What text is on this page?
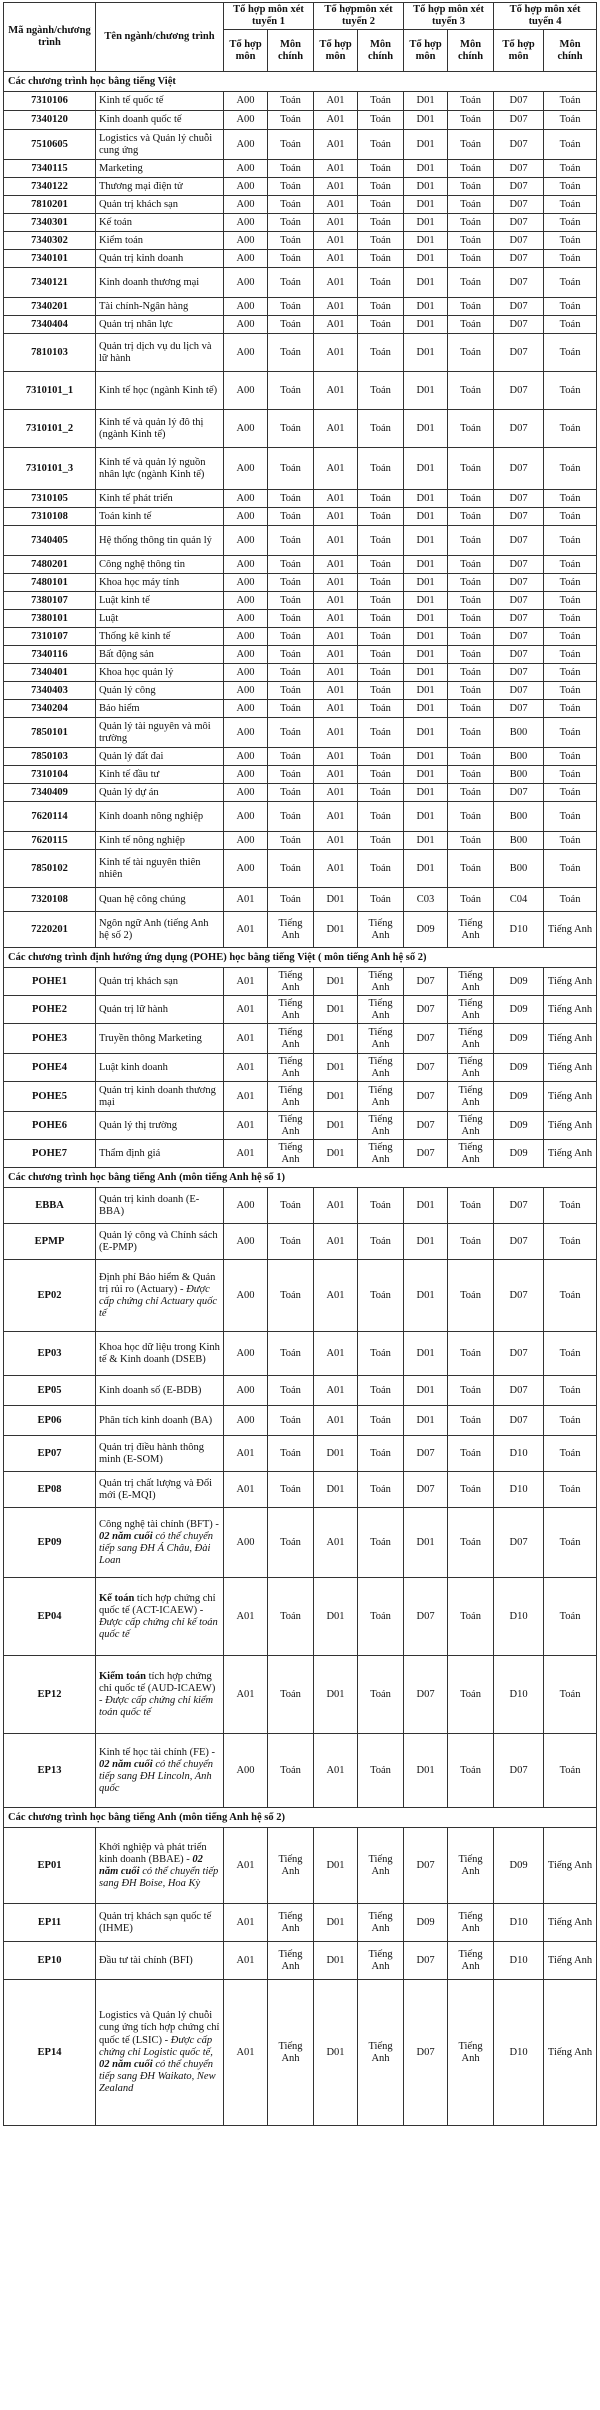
Mã ngành/chương trình	Tên ngành/chương trình	Tổ hợp môn xét tuyển 1		Tổ hợpmôn xét tuyển 2		Tổ hợp môn xét tuyển 3		Tổ hợp môn xét tuyển 4	
		Tổ hợp môn	Môn chính	Tổ hợp môn	Môn chính	Tổ hợp môn	Môn chính	Tổ hợp môn	Môn chính
Các chương trình học bằng tiếng Việt									
7310106	Kinh tế quốc tế	A00	Toán	A01	Toán	D01	Toán	D07	Toán
7340120	Kinh doanh quốc tế	A00	Toán	A01	Toán	D01	Toán	D07	Toán
7510605	Logistics và Quản lý chuỗi cung ứng	A00	Toán	A01	Toán	D01	Toán	D07	Toán
7340115	Marketing	A00	Toán	A01	Toán	D01	Toán	D07	Toán
7340122	Thương mại điện tử	A00	Toán	A01	Toán	D01	Toán	D07	Toán
7810201	Quản trị khách sạn	A00	Toán	A01	Toán	D01	Toán	D07	Toán
7340301	Kế toán	A00	Toán	A01	Toán	D01	Toán	D07	Toán
7340302	Kiểm toán	A00	Toán	A01	Toán	D01	Toán	D07	Toán
7340101	Quản trị kinh doanh	A00	Toán	A01	Toán	D01	Toán	D07	Toán
7340121	Kinh doanh thương mại	A00	Toán	A01	Toán	D01	Toán	D07	Toán
7340201	Tài chính-Ngân hàng	A00	Toán	A01	Toán	D01	Toán	D07	Toán
7340404	Quản trị nhân lực	A00	Toán	A01	Toán	D01	Toán	D07	Toán
7810103	Quản trị dịch vụ du lịch và lữ hành	A00	Toán	A01	Toán	D01	Toán	D07	Toán
7310101_1	Kinh tế học (ngành Kinh tế)	A00	Toán	A01	Toán	D01	Toán	D07	Toán
7310101_2	Kinh tế và quản lý đô thị (ngành Kinh tế)	A00	Toán	A01	Toán	D01	Toán	D07	Toán
7310101_3	Kinh tế và quản lý nguồn nhân lực (ngành Kinh tế)	A00	Toán	A01	Toán	D01	Toán	D07	Toán
7310105	Kinh tế phát triển	A00	Toán	A01	Toán	D01	Toán	D07	Toán
7310108	Toán kinh tế	A00	Toán	A01	Toán	D01	Toán	D07	Toán
7340405	Hệ thống thông tin quản lý	A00	Toán	A01	Toán	D01	Toán	D07	Toán
7480201	Công nghệ thông tin	A00	Toán	A01	Toán	D01	Toán	D07	Toán
7480101	Khoa học máy tính	A00	Toán	A01	Toán	D01	Toán	D07	Toán
7380107	Luật kinh tế	A00	Toán	A01	Toán	D01	Toán	D07	Toán
7380101	Luật	A00	Toán	A01	Toán	D01	Toán	D07	Toán
7310107	Thống kê kinh tế	A00	Toán	A01	Toán	D01	Toán	D07	Toán
7340116	Bất động sản	A00	Toán	A01	Toán	D01	Toán	D07	Toán
7340401	Khoa học quản lý	A00	Toán	A01	Toán	D01	Toán	D07	Toán
7340403	Quản lý công	A00	Toán	A01	Toán	D01	Toán	D07	Toán
7340204	Bảo hiểm	A00	Toán	A01	Toán	D01	Toán	D07	Toán
7850101	Quản lý tài nguyên và môi trường	A00	Toán	A01	Toán	D01	Toán	B00	Toán
7850103	Quản lý đất đai	A00	Toán	A01	Toán	D01	Toán	B00	Toán
7310104	Kinh tế đầu tư	A00	Toán	A01	Toán	D01	Toán	B00	Toán
7340409	Quản lý dự án	A00	Toán	A01	Toán	D01	Toán	D07	Toán
7620114	Kinh doanh nông nghiệp	A00	Toán	A01	Toán	D01	Toán	B00	Toán
7620115	Kinh tế nông nghiệp	A00	Toán	A01	Toán	D01	Toán	B00	Toán
7850102	Kinh tế tài nguyên thiên nhiên	A00	Toán	A01	Toán	D01	Toán	B00	Toán
7320108	Quan hệ công chúng	A01	Toán	D01	Toán	C03	Toán	C04	Toán
7220201	Ngôn ngữ Anh (tiếng Anh hệ số 2)	A01	Tiếng Anh	D01	Tiếng Anh	D09	Tiếng Anh	D10	Tiếng Anh
Các chương trình định hướng ứng dụng (POHE) học bằng tiếng Việt ( môn tiếng Anh hệ số 2)									
POHE1	Quản trị khách sạn	A01	Tiếng Anh	D01	Tiếng Anh	D07	Tiếng Anh	D09	Tiếng Anh
POHE2	Quản trị lữ hành	A01	Tiếng Anh	D01	Tiếng Anh	D07	Tiếng Anh	D09	Tiếng Anh
POHE3	Truyền thông Marketing	A01	Tiếng Anh	D01	Tiếng Anh	D07	Tiếng Anh	D09	Tiếng Anh
POHE4	Luật kinh doanh	A01	Tiếng Anh	D01	Tiếng Anh	D07	Tiếng Anh	D09	Tiếng Anh
POHE5	Quản trị kinh doanh thương mại	A01	Tiếng Anh	D01	Tiếng Anh	D07	Tiếng Anh	D09	Tiếng Anh
POHE6	Quản lý thị trường	A01	Tiếng Anh	D01	Tiếng Anh	D07	Tiếng Anh	D09	Tiếng Anh
POHE7	Thẩm định giá	A01	Tiếng Anh	D01	Tiếng Anh	D07	Tiếng Anh	D09	Tiếng Anh
Các chương trình học bằng tiếng Anh (môn tiếng Anh hệ số 1)									
EBBA	Quản trị kinh doanh (E-BBA)	A00	Toán	A01	Toán	D01	Toán	D07	Toán
EPMP	Quản lý công và Chính sách (E-PMP)	A00	Toán	A01	Toán	D01	Toán	D07	Toán
EP02	Định phí Bảo hiểm & Quản trị rủi ro (Actuary) - Được cấp chứng chỉ Actuary quốc tế	A00	Toán	A01	Toán	D01	Toán	D07	Toán
EP03	Khoa học dữ liệu trong Kinh tế & Kinh doanh (DSEB)	A00	Toán	A01	Toán	D01	Toán	D07	Toán
EP05	Kinh doanh số (E-BDB)	A00	Toán	A01	Toán	D01	Toán	D07	Toán
EP06	Phân tích kinh doanh (BA)	A00	Toán	A01	Toán	D01	Toán	D07	Toán
EP07	Quản trị điều hành thông minh (E-SOM)	A01	Toán	D01	Toán	D07	Toán	D10	Toán
EP08	Quản trị chất lượng và Đổi mới (E-MQI)	A01	Toán	D01	Toán	D07	Toán	D10	Toán
EP09	Công nghệ tài chính (BFT) - 02 năm cuối có thể chuyển tiếp sang ĐH Á Châu, Đài Loan	A00	Toán	A01	Toán	D01	Toán	D07	Toán
EP04	Kế toán tích hợp chứng chỉ quốc tế (ACT-ICAEW) - Được cấp chứng chỉ kế toán quốc tế	A01	Toán	D01	Toán	D07	Toán	D10	Toán
EP12	Kiểm toán tích hợp chứng chỉ quốc tế (AUD-ICAEW) - Được cấp chứng chỉ kiểm toán quốc tế	A01	Toán	D01	Toán	D07	Toán	D10	Toán
EP13	Kinh tế học tài chính (FE) - 02 năm cuối có thể chuyển tiếp sang ĐH Lincoln, Anh quốc	A00	Toán	A01	Toán	D01	Toán	D07	Toán
Các chương trình học bằng tiếng Anh (môn tiếng Anh hệ số 2)									
EP01	Khởi nghiệp và phát triển kinh doanh (BBAE) - 02 năm cuối có thể chuyển tiếp sang ĐH Boise, Hoa Kỳ	A01	Tiếng Anh	D01	Tiếng Anh	D07	Tiếng Anh	D09	Tiếng Anh
EP11	Quản trị khách sạn quốc tế (IHME)	A01	Tiếng Anh	D01	Tiếng Anh	D09	Tiếng Anh	D10	Tiếng Anh
EP10	Đầu tư tài chính (BFI)	A01	Tiếng Anh	D01	Tiếng Anh	D07	Tiếng Anh	D10	Tiếng Anh
EP14	Logistics và Quản lý chuỗi cung ứng tích hợp chứng chỉ quốc tế (LSIC) - Được cấp chứng chỉ Logistic quốc tế, 02 năm cuối có thể chuyển tiếp sang ĐH Waikato, New Zealand	A01	Tiếng Anh	D01	Tiếng Anh	D07	Tiếng Anh	D10	Tiếng Anh
